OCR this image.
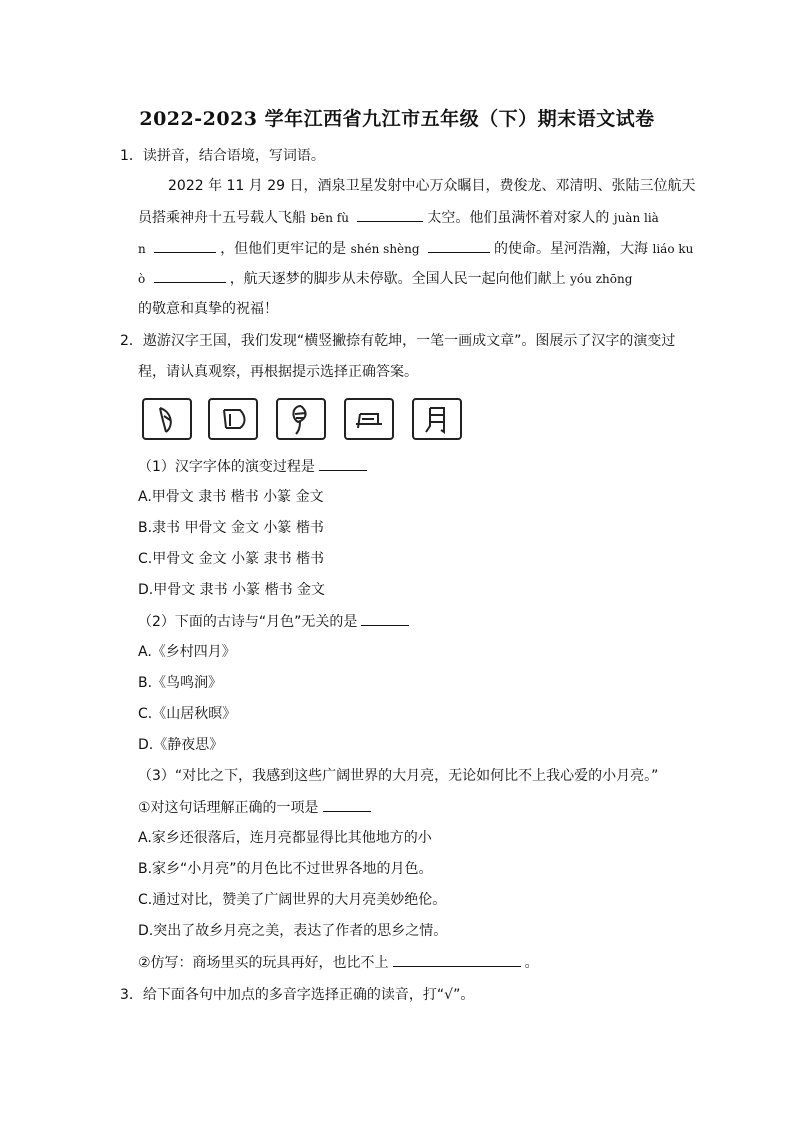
2022-2023 学年江西省九江市五年级（下）期末语文试卷
1．读拼音，结合语境，写词语。
2022 年 11 月 29 日，酒泉卫星发射中心万众瞩目，费俊龙、邓清明、张陆三位航天
员搭乘神舟十五号载人飞船 bēn fù	太空。他们虽满怀着对家人的 juàn lià
n	，但他们更牢记的是 shén shèng	的使命。星河浩瀚，大海 liáo ku
ò	，航天逐梦的脚步从未停歇。全国人民一起向他们献上 yóu zhōng
的敬意和真挚的祝福！
2．遨游汉字王国，我们发现“横竖撇捺有乾坤，一笔一画成文章”。图展示了汉字的演变过
程，请认真观察，再根据提示选择正确答案。
（1）汉字字体的演变过程是
A.甲骨文 隶书 楷书 小篆 金文
B.隶书 甲骨文 金文 小篆 楷书
C.甲骨文 金文 小篆 隶书 楷书
D.甲骨文 隶书 小篆 楷书 金文
（2）下面的古诗与“月色”无关的是
A.《乡村四月》
B.《鸟鸣涧》
C.《山居秋暝》
D.《静夜思》
（3）“对比之下，我感到这些广阔世界的大月亮，无论如何比不上我心爱的小月亮。”
①对这句话理解正确的一项是
A.家乡还很落后，连月亮都显得比其他地方的小
B.家乡“小月亮”的月色比不过世界各地的月色。
C.通过对比，赞美了广阔世界的大月亮美妙绝伦。
D.突出了故乡月亮之美，表达了作者的思乡之情。
②仿写：商场里买的玩具再好，也比不上	。
3．给下面各句中加点的多音字选择正确的读音，打“√”。
